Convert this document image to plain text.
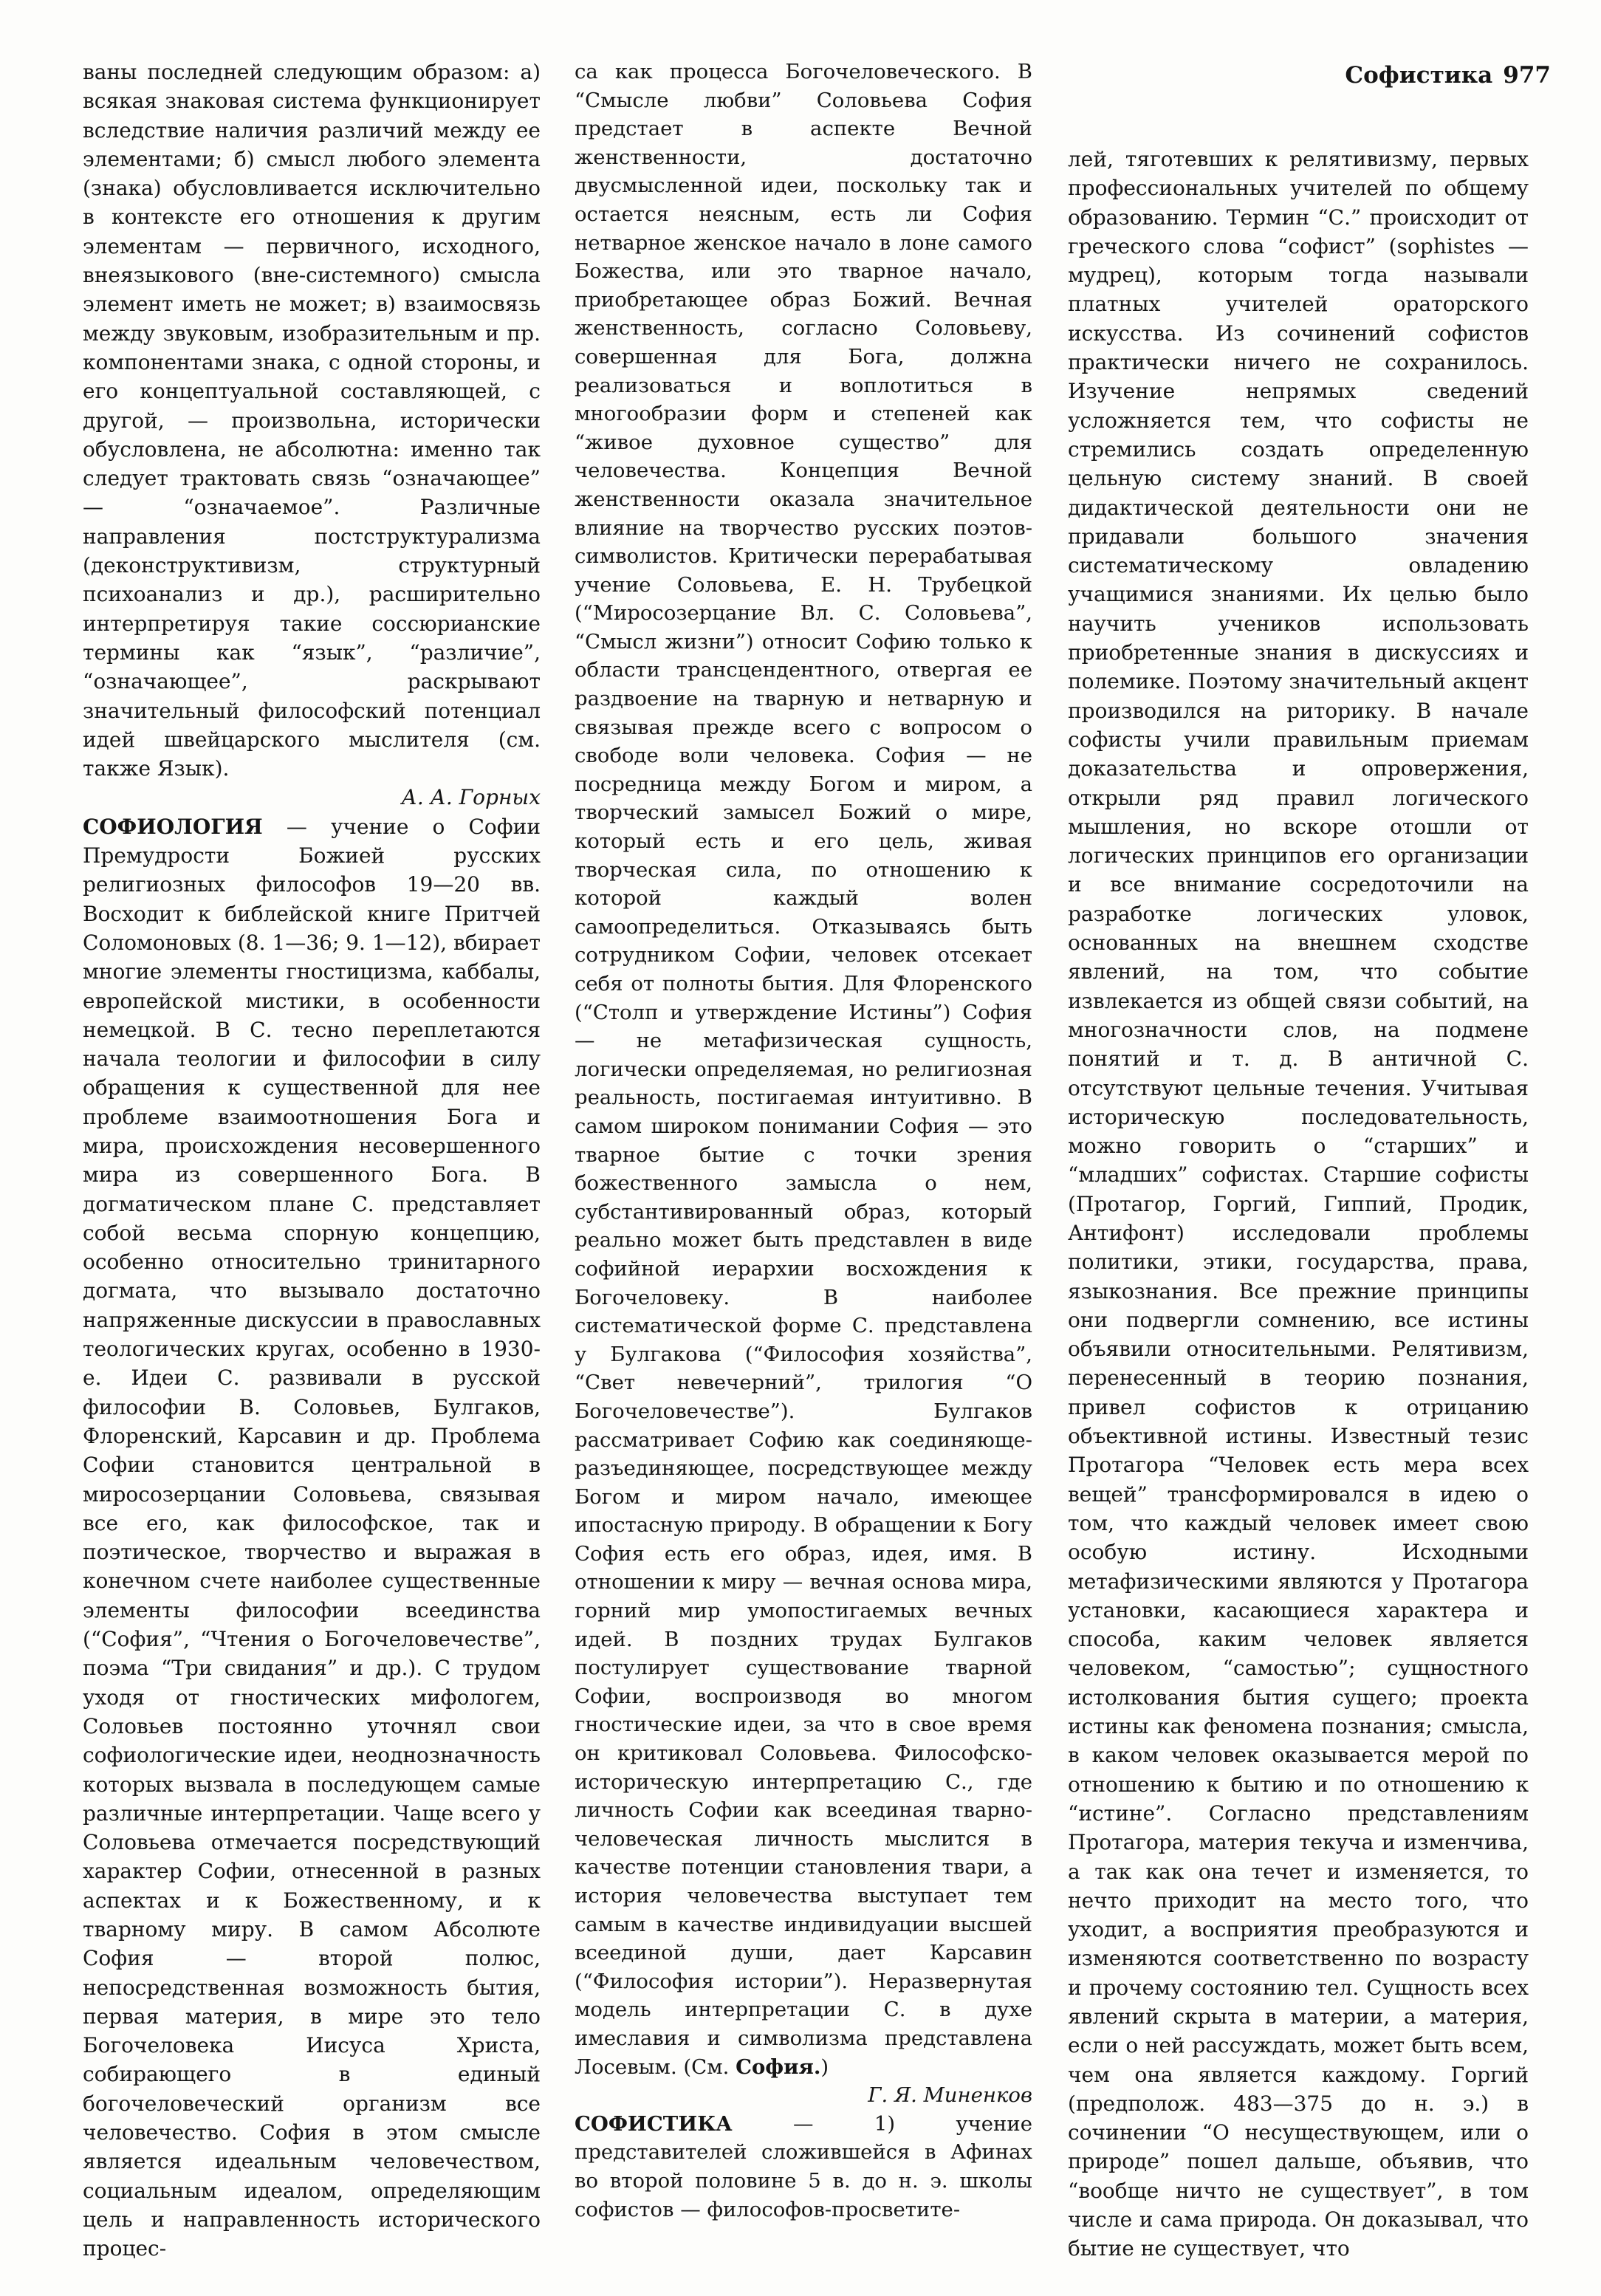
Софистика 977

ваны последней следующим образом: а) всякая знаковая система функционирует вследствие наличия различий между ее элементами; б) смысл любого элемента (знака) обусловливается исключительно в контексте его отношения к другим элементам — первичного, исходного, внеязыкового (вне-системного) смысла элемент иметь не может; в) взаимосвязь между звуковым, изобразительным и пр. компонентами знака, с одной стороны, и его концептуальной составляющей, с другой, — произвольна, исторически обусловлена, не абсолютна: именно так следует трактовать связь “означающее” — “означаемое”. Различные направления постструктурализма (деконструктивизм, структурный психоанализ и др.), расширительно интерпретируя такие соссюрианские термины как “язык”, “различие”, “означающее”, раскрывают значительный философский потенциал идей швейцарского мыслителя (см. также Язык).

А. А. Горных

СОФИОЛОГИЯ — учение о Софии Премудрости Божией русских религиозных философов 19—20 вв. Восходит к библейской книге Притчей Соломоновых (8. 1—36; 9. 1—12), вбирает многие элементы гностицизма, каббалы, европейской мистики, в особенности немецкой. В С. тесно переплетаются начала теологии и философии в силу обращения к существенной для нее проблеме взаимоотношения Бога и мира, происхождения несовершенного мира из совершенного Бога. В догматическом плане С. представляет собой весьма спорную концепцию, особенно относительно тринитарного догмата, что вызывало достаточно напряженные дискуссии в православных теологических кругах, особенно в 1930-е. Идеи С. развивали в русской философии В. Соловьев, Булгаков, Флоренский, Карсавин и др. Проблема Софии становится центральной в миросозерцании Соловьева, связывая все его, как философское, так и поэтическое, творчество и выражая в конечном счете наиболее существенные элементы философии всеединства (“София”, “Чтения о Богочеловечестве”, поэма “Три свидания” и др.). С трудом уходя от гностических мифологем, Соловьев постоянно уточнял свои софиологические идеи, неоднозначность которых вызвала в последующем самые различные интерпретации. Чаще всего у Соловьева отмечается посредствующий характер Софии, отнесенной в разных аспектах и к Божественному, и к тварному миру. В самом Абсолюте София — второй полюс, непосредственная возможность бытия, первая материя, в мире это тело Богочеловека Иисуса Христа, собирающего в единый богочеловеческий организм все человечество. София в этом смысле является идеальным человечеством, социальным идеалом, определяющим цель и направленность исторического процес-

са как процесса Богочеловеческого. В “Смысле любви” Соловьева София предстает в аспекте Вечной женственности, достаточно двусмысленной идеи, поскольку так и остается неясным, есть ли София нетварное женское начало в лоне самого Божества, или это тварное начало, приобретающее образ Божий. Вечная женственность, согласно Соловьеву, совершенная для Бога, должна реализоваться и воплотиться в многообразии форм и степеней как “живое духовное существо” для человечества. Концепция Вечной женственности оказала значительное влияние на творчество русских поэтов-символистов. Критически перерабатывая учение Соловьева, Е. Н. Трубецкой (“Миросозерцание Вл. С. Соловьева”, “Смысл жизни”) относит Софию только к области трансцендентного, отвергая ее раздвоение на тварную и нетварную и связывая прежде всего с вопросом о свободе воли человека. София — не посредница между Богом и миром, а творческий замысел Божий о мире, который есть и его цель, живая творческая сила, по отношению к которой каждый волен самоопределиться. Отказываясь быть сотрудником Софии, человек отсекает себя от полноты бытия. Для Флоренского (“Столп и утверждение Истины”) София — не метафизическая сущность, логически определяемая, но религиозная реальность, постигаемая интуитивно. В самом широком понимании София — это тварное бытие с точки зрения божественного замысла о нем, субстантивированный образ, который реально может быть представлен в виде софийной иерархии восхождения к Богочеловеку. В наиболее систематической форме С. представлена у Булгакова (“Философия хозяйства”, “Свет невечерний”, трилогия “О Богочеловечестве”). Булгаков рассматривает Софию как соединяюще-разъединяющее, посредствующее между Богом и миром начало, имеющее ипостасную природу. В обращении к Богу София есть его образ, идея, имя. В отношении к миру — вечная основа мира, горний мир умопостигаемых вечных идей. В поздних трудах Булгаков постулирует существование тварной Софии, воспроизводя во многом гностические идеи, за что в свое время он критиковал Соловьева. Философско-историческую интерпретацию С., где личность Софии как всеединая тварно-человеческая личность мыслится в качестве потенции становления твари, а история человечества выступает тем самым в качестве индивидуации высшей всеединой души, дает Карсавин (“Философия истории”). Неразвернутая модель интерпретации С. в духе имеславия и символизма представлена Лосевым. (См. София.)

Г. Я. Миненков

СОФИСТИКА — 1) учение представителей сложившейся в Афинах во второй половине 5 в. до н. э. школы софистов — философов-просветите-

лей, тяготевших к релятивизму, первых профессиональных учителей по общему образованию. Термин “С.” происходит от греческого слова “софист” (sophistes — мудрец), которым тогда называли платных учителей ораторского искусства. Из сочинений софистов практически ничего не сохранилось. Изучение непрямых сведений усложняется тем, что софисты не стремились создать определенную цельную систему знаний. В своей дидактической деятельности они не придавали большого значения систематическому овладению учащимися знаниями. Их целью было научить учеников использовать приобретенные знания в дискуссиях и полемике. Поэтому значительный акцент производился на риторику. В начале софисты учили правильным приемам доказательства и опровержения, открыли ряд правил логического мышления, но вскоре отошли от логических принципов его организации и все внимание сосредоточили на разработке логических уловок, основанных на внешнем сходстве явлений, на том, что событие извлекается из общей связи событий, на многозначности слов, на подмене понятий и т. д. В античной С. отсутствуют цельные течения. Учитывая историческую последовательность, можно говорить о “старших” и “младших” софистах. Старшие софисты (Протагор, Горгий, Гиппий, Продик, Антифонт) исследовали проблемы политики, этики, государства, права, языкознания. Все прежние принципы они подвергли сомнению, все истины объявили относительными. Релятивизм, перенесенный в теорию познания, привел софистов к отрицанию объективной истины. Известный тезис Протагора “Человек есть мера всех вещей” трансформировался в идею о том, что каждый человек имеет свою особую истину. Исходными метафизическими являются у Протагора установки, касающиеся характера и способа, каким человек является человеком, “самостью”; сущностного истолкования бытия сущего; проекта истины как феномена познания; смысла, в каком человек оказывается мерой по отношению к бытию и по отношению к “истине”. Согласно представлениям Протагора, материя текуча и изменчива, а так как она течет и изменяется, то нечто приходит на место того, что уходит, а восприятия преобразуются и изменяются соответственно по возрасту и прочему состоянию тел. Сущность всех явлений скрыта в материи, а материя, если о ней рассуждать, может быть всем, чем она является каждому. Горгий (предполож. 483—375 до н. э.) в сочинении “О несуществующем, или о природе” пошел дальше, объявив, что “вообще ничто не существует”, в том числе и сама природа. Он доказывал, что бытие не существует, что
